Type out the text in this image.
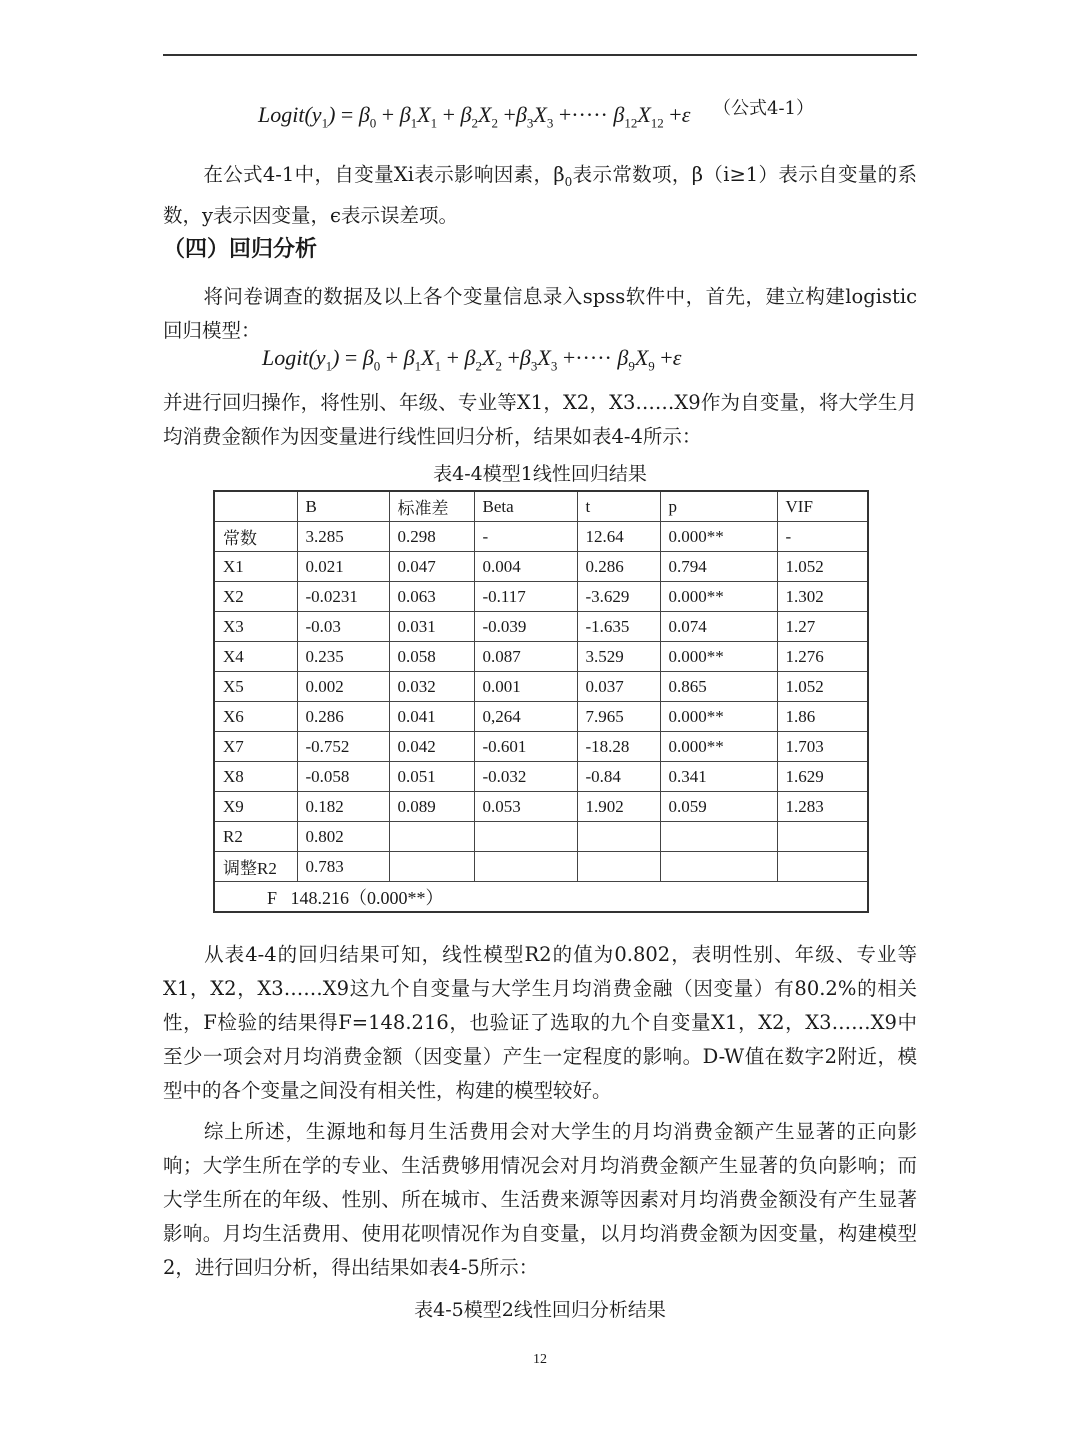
$Logit(y_1) = \beta_0 + \beta_1X_1 + \beta_2X_2 +\beta_3X_3$ +····· $\beta_{12}X_{12} +\varepsilon$ （公式4-1）
在公式4-1中，自变量Xi表示影响因素，$\beta_0$表示常数项，β（i≥1）表示自变量的系数，y表示因变量，ϵ表示误差项。
（四）回归分析
将问卷调查的数据及以上各个变量信息录入spss软件中，首先，建立构建logistic回归模型：
$Logit(y_1) = \beta_0 + \beta_1X_1 + \beta_2X_2 +\beta_3X_3$ +····· $\beta_9X_9 +\varepsilon$
并进行回归操作，将性别、年级、专业等X1，X2，X3……X9作为自变量，将大学生月均消费金额作为因变量进行线性回归分析，结果如表4-4所示：
表4-4模型1线性回归结果
	B	标准差	Beta	t	p	VIF
常数	3.285	0.298	-	12.64	0.000**	-
X1	0.021	0.047	0.004	0.286	0.794	1.052
X2	-0.0231	0.063	-0.117	-3.629	0.000**	1.302
X3	-0.03	0.031	-0.039	-1.635	0.074	1.27
X4	0.235	0.058	0.087	3.529	0.000**	1.276
X5	0.002	0.032	0.001	0.037	0.865	1.052
X6	0.286	0.041	0,264	7.965	0.000**	1.86
X7	-0.752	0.042	-0.601	-18.28	0.000**	1.703
X8	-0.058	0.051	-0.032	-0.84	0.341	1.629
X9	0.182	0.089	0.053	1.902	0.059	1.283
R2	0.802					
调整R2	0.783					
F   148.216（0.000**）						
从表4-4的回归结果可知，线性模型R2的值为0.802，表明性别、年级、专业等X1，X2，X3……X9这九个自变量与大学生月均消费金融（因变量）有80.2%的相关性，F检验的结果得F=148.216，也验证了选取的九个自变量X1，X2，X3……X9中至少一项会对月均消费金额（因变量）产生一定程度的影响。D-W值在数字2附近，模型中的各个变量之间没有相关性，构建的模型较好。
综上所述，生源地和每月生活费用会对大学生的月均消费金额产生显著的正向影响；大学生所在学的专业、生活费够用情况会对月均消费金额产生显著的负向影响；而大学生所在的年级、性别、所在城市、生活费来源等因素对月均消费金额没有产生显著影响。月均生活费用、使用花呗情况作为自变量，以月均消费金额为因变量，构建模型2，进行回归分析，得出结果如表4-5所示：
表4-5模型2线性回归分析结果
12
